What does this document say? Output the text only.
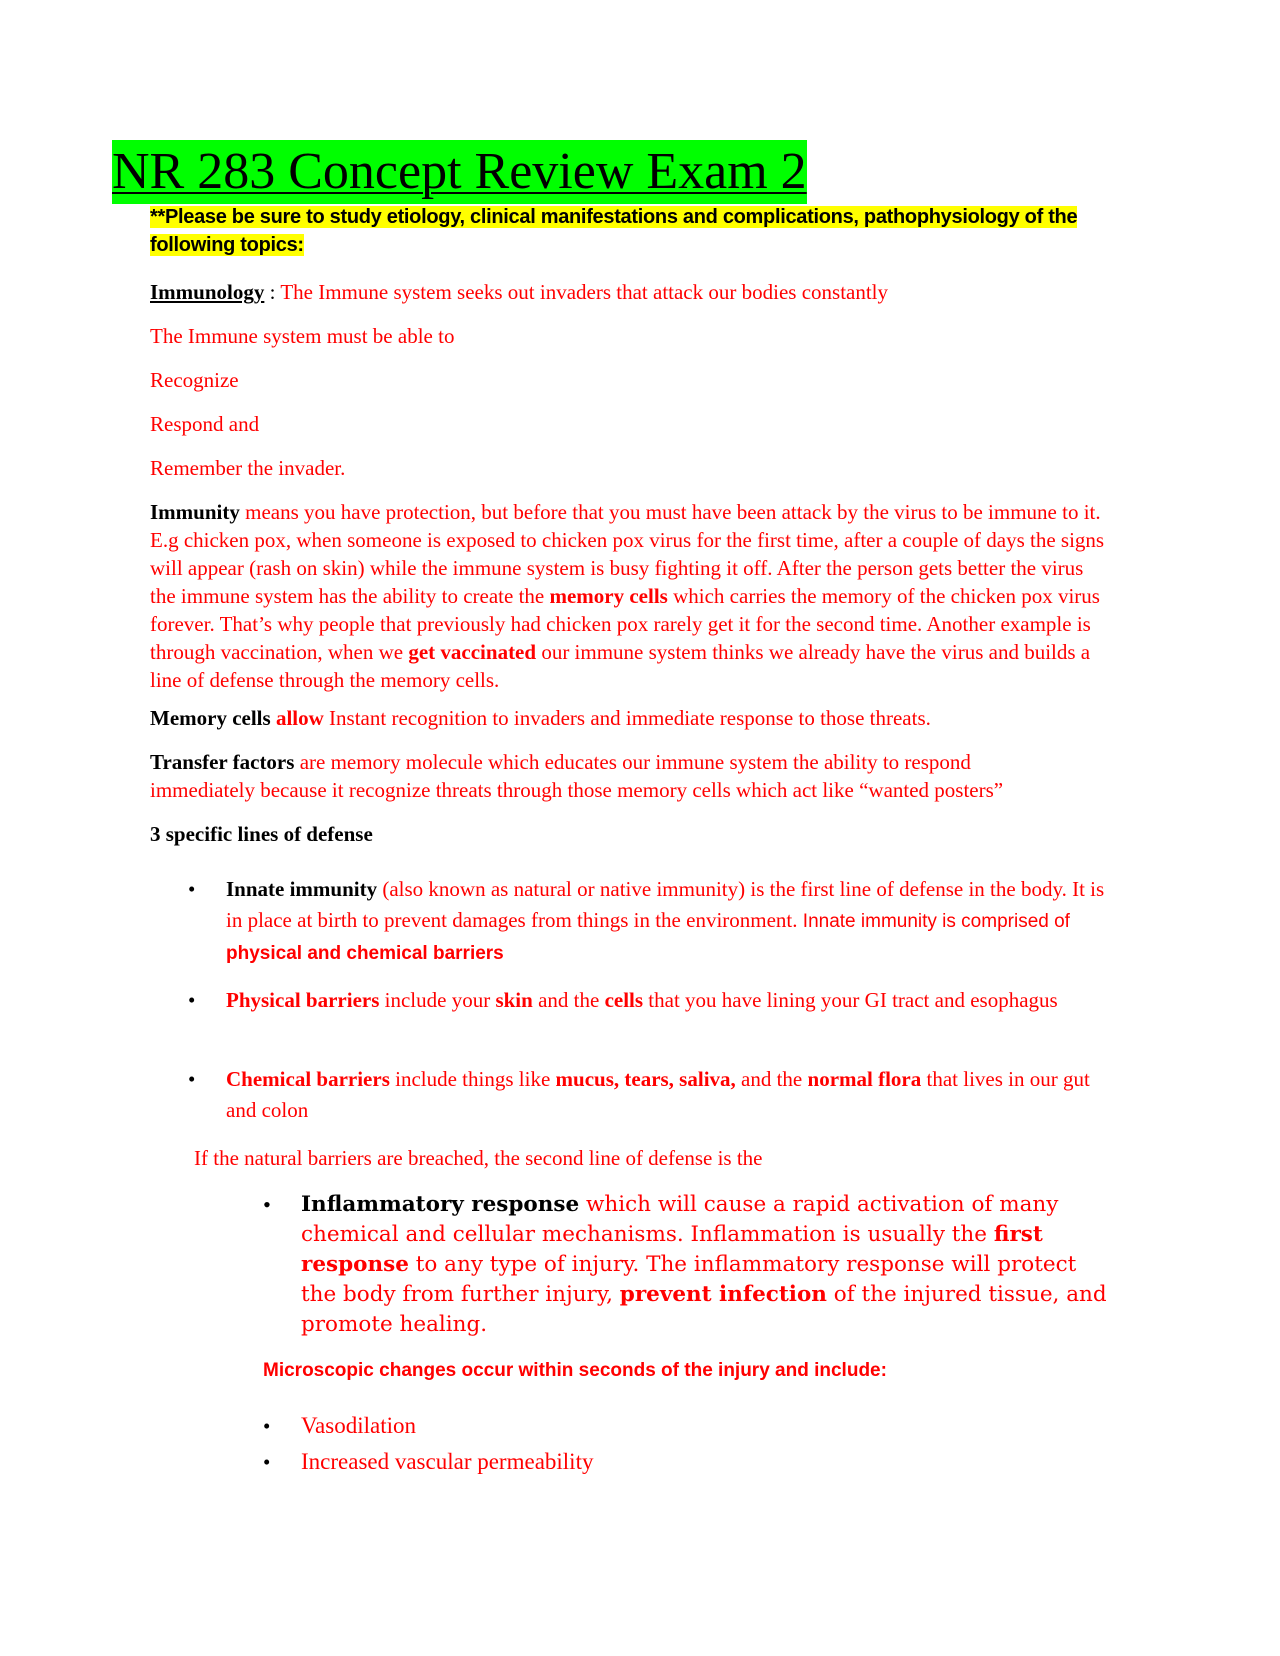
NR 283 Concept Review Exam 2
**Please be sure to study etiology, clinical manifestations and complications, pathophysiology of the following topics:

Immunology : The Immune system seeks out invaders that attack our bodies constantly

The Immune system must be able to

Recognize

Respond and

Remember the invader.

Immunity means you have protection, but before that you must have been attack by the virus to be immune to it. E.g chicken pox, when someone is exposed to chicken pox virus for the first time, after a couple of days the signs will appear (rash on skin) while the immune system is busy fighting it off. After the person gets better the virus the immune system has the ability to create the memory cells which carries the memory of the chicken pox virus forever. That’s why people that previously had chicken pox rarely get it for the second time. Another example is through vaccination, when we get vaccinated our immune system thinks we already have the virus and builds a line of defense through the memory cells.

Memory cells allow Instant recognition to invaders and immediate response to those threats.

Transfer factors are memory molecule which educates our immune system the ability to respond immediately because it recognize threats through those memory cells which act like “wanted posters”

3 specific lines of defense

• Innate immunity (also known as natural or native immunity) is the first line of defense in the body. It is in place at birth to prevent damages from things in the environment. Innate immunity is comprised of physical and chemical barriers
• Physical barriers include your skin and the cells that you have lining your GI tract and esophagus
• Chemical barriers include things like mucus, tears, saliva, and the normal flora that lives in our gut and colon

If the natural barriers are breached, the second line of defense is the

• Inflammatory response which will cause a rapid activation of many chemical and cellular mechanisms. Inflammation is usually the first response to any type of injury. The inflammatory response will protect the body from further injury, prevent infection of the injured tissue, and promote healing.

Microscopic changes occur within seconds of the injury and include:

• Vasodilation
• Increased vascular permeability
